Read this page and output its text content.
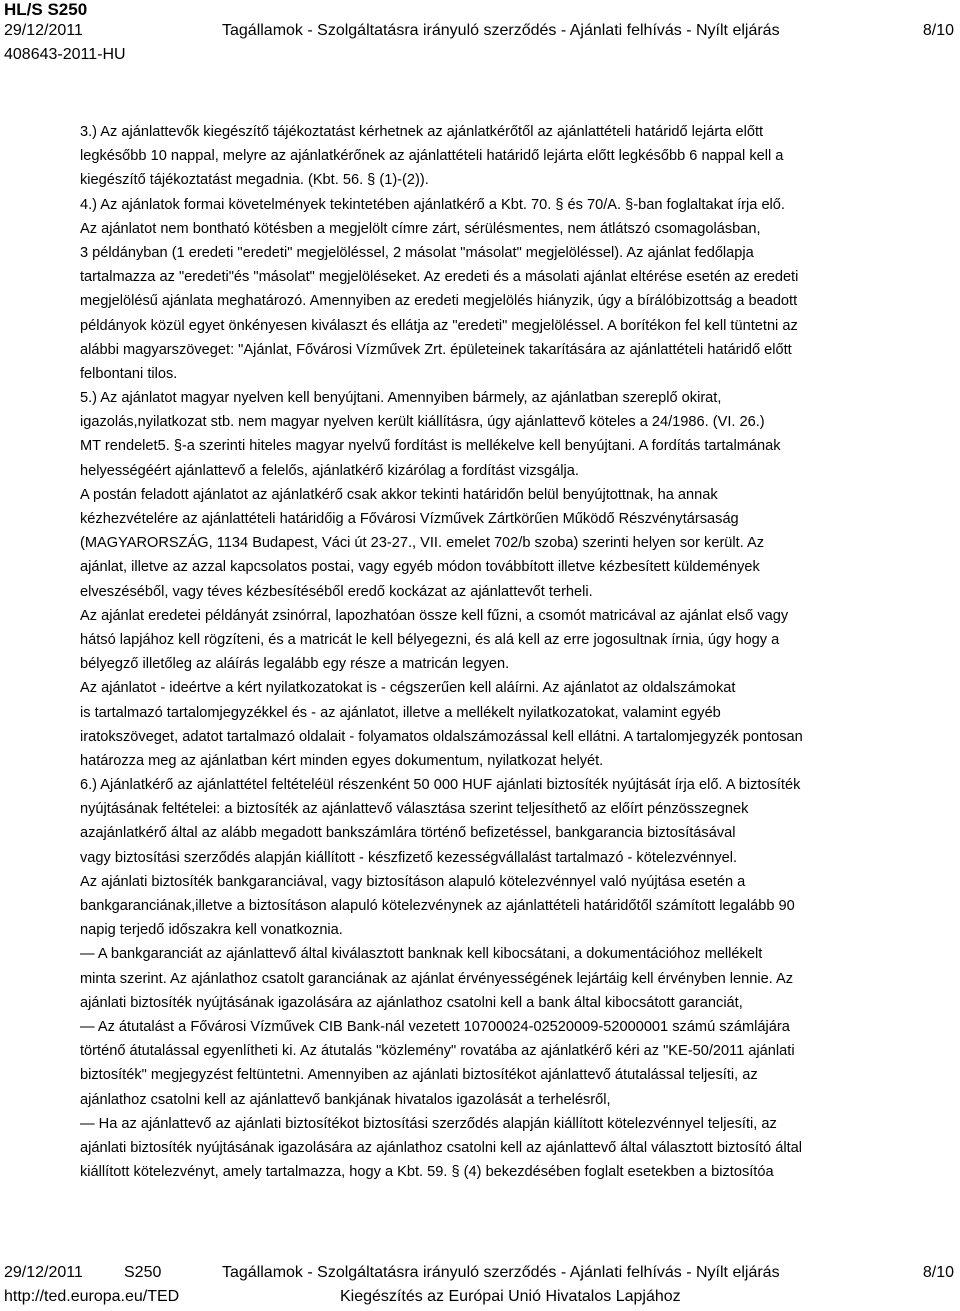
HL/S S250
29/12/2011
408643-2011-HU
Tagállamok - Szolgáltatásra irányuló szerződés - Ajánlati felhívás - Nyílt eljárás	8/10
3.) Az ajánlattevők kiegészítő tájékoztatást kérhetnek az ajánlatkérőtől az ajánlattételi határidő lejárta előtt
legkésőbb 10 nappal, melyre az ajánlatkérőnek az ajánlattételi határidő lejárta előtt legkésőbb 6 nappal kell a
kiegészítő tájékoztatást megadnia. (Kbt. 56. § (1)-(2)).
4.) Az ajánlatok formai követelmények tekintetében ajánlatkérő a Kbt. 70. § és 70/A. §-ban foglaltakat írja elő.
Az ajánlatot nem bontható kötésben a megjelölt címre zárt, sérülésmentes, nem átlátszó csomagolásban,
3 példányban (1 eredeti "eredeti" megjelöléssel, 2 másolat "másolat" megjelöléssel). Az ajánlat fedőlapja
tartalmazza az "eredeti"és "másolat" megjelöléseket. Az eredeti és a másolati ajánlat eltérése esetén az eredeti
megjelölésű ajánlata meghatározó. Amennyiben az eredeti megjelölés hiányzik, úgy a bírálóbizottság a beadott
példányok közül egyet önkényesen kiválaszt és ellátja az "eredeti" megjelöléssel. A borítékon fel kell tüntetni az
alábbi magyarszöveget: "Ajánlat, Fővárosi Vízművek Zrt. épületeinek takarítására az ajánlattételi határidő előtt
felbontani tilos.
5.) Az ajánlatot magyar nyelven kell benyújtani. Amennyiben bármely, az ajánlatban szereplő okirat,
igazolás,nyilatkozat stb. nem magyar nyelven került kiállításra, úgy ajánlattevő köteles a 24/1986. (VI. 26.)
MT rendelet5. §-a szerinti hiteles magyar nyelvű fordítást is mellékelve kell benyújtani. A fordítás tartalmának
helyességéért ajánlattevő a felelős, ajánlatkérő kizárólag a fordítást vizsgálja.
A postán feladott ajánlatot az ajánlatkérő csak akkor tekinti határidőn belül benyújtottnak, ha annak
kézhezvételére az ajánlattételi határidőig a Fővárosi Vízművek Zártkörűen Működő Részvénytársaság
(MAGYARORSZÁG, 1134 Budapest, Váci út 23-27., VII. emelet 702/b szoba) szerinti helyen sor került. Az
ajánlat, illetve az azzal kapcsolatos postai, vagy egyéb módon továbbított illetve kézbesített küldemények
elveszéséből, vagy téves kézbesítéséből eredő kockázat az ajánlattevőt terheli.
Az ajánlat eredetei példányát zsinórral, lapozhatóan össze kell fűzni, a csomót matricával az ajánlat első vagy
hátsó lapjához kell rögzíteni, és a matricát le kell bélyegezni, és alá kell az erre jogosultnak írnia, úgy hogy a
bélyegző illetőleg az aláírás legalább egy része a matricán legyen.
Az ajánlatot - ideértve a kért nyilatkozatokat is - cégszerűen kell aláírni. Az ajánlatot az oldalszámokat
is tartalmazó tartalomjegyzékkel és - az ajánlatot, illetve a mellékelt nyilatkozatokat, valamint egyéb
iratokszöveget, adatot tartalmazó oldalait - folyamatos oldalszámozással kell ellátni. A tartalomjegyzék pontosan
határozza meg az ajánlatban kért minden egyes dokumentum, nyilatkozat helyét.
6.) Ajánlatkérő az ajánlattétel feltételéül részenként 50 000 HUF ajánlati biztosíték nyújtását írja elő. A biztosíték
nyújtásának feltételei: a biztosíték az ajánlattevő választása szerint teljesíthető az előírt pénzösszegnek
azajánlatkérő által az alább megadott bankszámlára történő befizetéssel, bankgarancia biztosításával
vagy biztosítási szerződés alapján kiállított - készfizető kezességvállalást tartalmazó - kötelezvénnyel.
Az ajánlati biztosíték bankgaranciával, vagy biztosításon alapuló kötelezvénnyel való nyújtása esetén a
bankgaranciának,illetve a biztosításon alapuló kötelezvénynek az ajánlattételi határidőtől számított legalább 90
napig terjedő időszakra kell vonatkoznia.
— A bankgaranciát az ajánlattevő által kiválasztott banknak kell kibocsátani, a dokumentációhoz mellékelt
minta szerint. Az ajánlathoz csatolt garanciának az ajánlat érvényességének lejártáig kell érvényben lennie. Az
ajánlati biztosíték nyújtásának igazolására az ajánlathoz csatolni kell a bank által kibocsátott garanciát,
— Az átutalást a Fővárosi Vízművek CIB Bank-nál vezetett 10700024-02520009-52000001 számú számlájára
történő átutalással egyenlítheti ki. Az átutalás "közlemény" rovatába az ajánlatkérő kéri az "KE-50/2011 ajánlati
biztosíték" megjegyzést feltüntetni. Amennyiben az ajánlati biztosítékot ajánlattevő átutalással teljesíti, az
ajánlathoz csatolni kell az ajánlattevő bankjának hivatalos igazolását a terhelésről,
— Ha az ajánlattevő az ajánlati biztosítékot biztosítási szerződés alapján kiállított kötelezvénnyel teljesíti, az
ajánlati biztosíték nyújtásának igazolására az ajánlathoz csatolni kell az ajánlattevő által választott biztosító által
kiállított kötelezvényt, amely tartalmazza, hogy a Kbt. 59. § (4) bekezdésében foglalt esetekben a biztosítóa
29/12/2011	S250	Tagállamok - Szolgáltatásra irányuló szerződés - Ajánlati felhívás - Nyílt eljárás	8/10
http://ted.europa.eu/TED	Kiegészítés az Európai Unió Hivatalos Lapjához
